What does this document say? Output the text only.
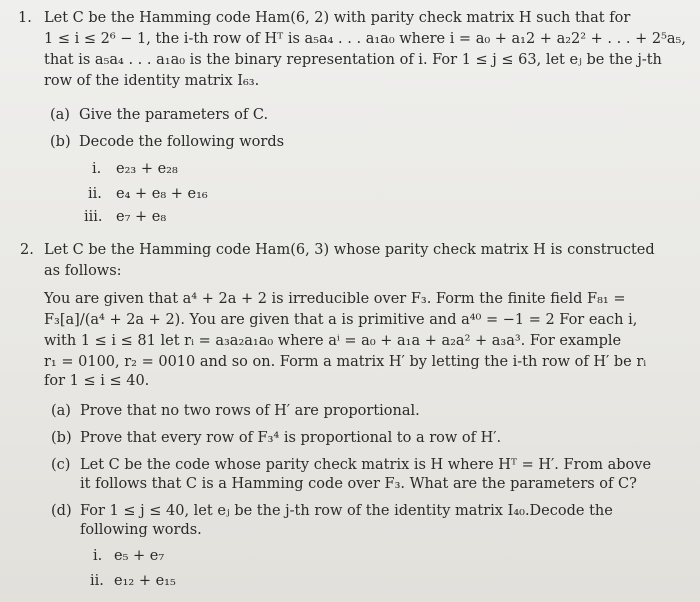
1. Let C be the Hamming code Ham(6, 2) with parity check matrix H such that for
1 ≤ i ≤ 2⁶ − 1, the i-th row of Hᵀ is a₅a₄ . . . a₁a₀ where i = a₀ + a₁2 + a₂2² + . . . + 2⁵a₅,
that is a₅a₄ . . . a₁a₀ is the binary representation of i. For 1 ≤ j ≤ 63, let eⱼ be the j-th
row of the identity matrix I₆₃.
(a) Give the parameters of C.
(b) Decode the following words
i. e₂₃ + e₂₈
ii. e₄ + e₈ + e₁₆
iii. e₇ + e₈
2. Let C be the Hamming code Ham(6, 3) whose parity check matrix H is constructed
as follows:
You are given that a⁴ + 2a + 2 is irreducible over F₃. Form the finite field F₈₁ =
F₃[a]/(a⁴ + 2a + 2). You are given that a is primitive and a⁴⁰ = −1 = 2 For each i,
with 1 ≤ i ≤ 81 let rᵢ = a₃a₂a₁a₀ where aⁱ = a₀ + a₁a + a₂a² + a₃a³. For example
r₁ = 0100, r₂ = 0010 and so on. Form a matrix H′ by letting the i-th row of H′ be rᵢ
for 1 ≤ i ≤ 40.
(a) Prove that no two rows of H′ are proportional.
(b) Prove that every row of F₃⁴ is proportional to a row of H′.
(c) Let C be the code whose parity check matrix is H where Hᵀ = H′. From above
it follows that C is a Hamming code over F₃. What are the parameters of C?
(d) For 1 ≤ j ≤ 40, let eⱼ be the j-th row of the identity matrix I₄₀.Decode the
following words.
i. e₅ + e₇
ii. e₁₂ + e₁₅
